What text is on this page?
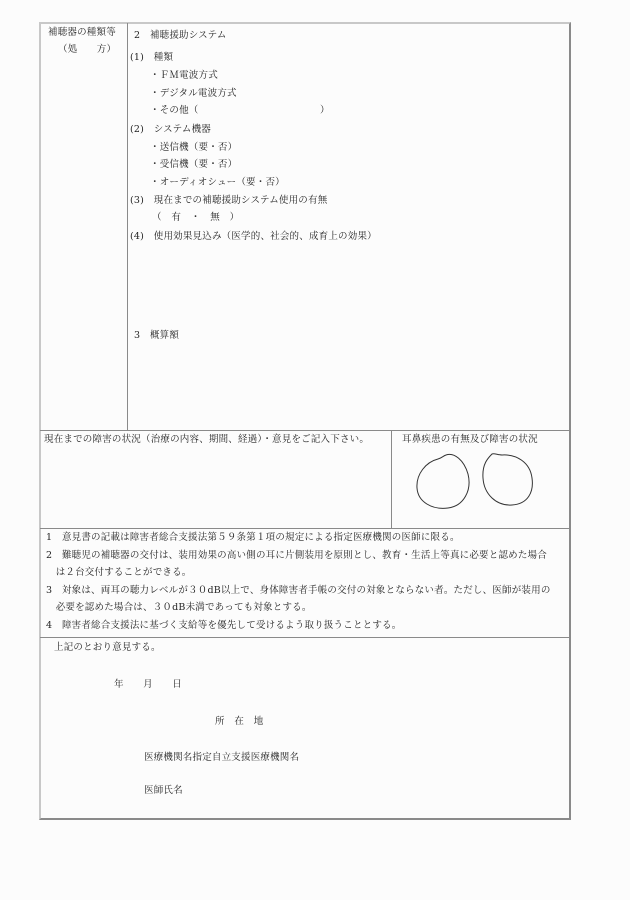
補聴器の種類等
（処　　方）
2　補聴援助システム
(1)　種類
・ＦＭ電波方式
・デジタル電波方式
・その他（	）
(2)　システム機器
・送信機（要・否）
・受信機（要・否）
・オーディオシュー（要・否）
(3)　現在までの補聴援助システム使用の有無
（　有　・　無　）
(4)　使用効果見込み（医学的、社会的、成育上の効果）
3　概算額
現在までの障害の状況（治療の内容、期間、経過）・意見をご記入下さい。	耳鼻疾患の有無及び障害の状況
1　意見書の記載は障害者総合支援法第５９条第１項の規定による指定医療機関の医師に限る。
2　難聴児の補聴器の交付は、装用効果の高い側の耳に片側装用を原則とし、教育・生活上等真に必要と認めた場合
　は２台交付することができる。
3　対象は、両耳の聴力レベルが３０dB以上で、身体障害者手帳の交付の対象とならない者。ただし、医師が装用の
　必要を認めた場合は、３０dB未満であっても対象とする。
4　障害者総合支援法に基づく支給等を優先して受けるよう取り扱うこととする。
上記のとおり意見する。
年　　月　　日
所　在　地
医療機関名指定自立支援医療機関名
医師氏名
